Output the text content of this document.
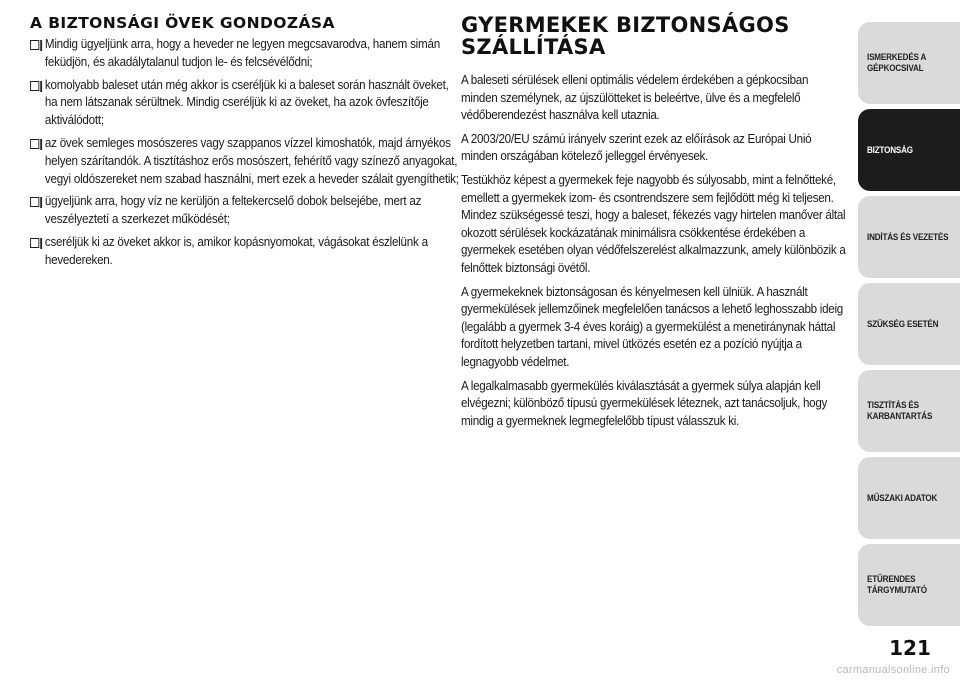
A BIZTONSÁGI ÖVEK GONDOZÁSA
Mindig ügyeljünk arra, hogy a heveder ne legyen megcsavarodva, hanem simán feküdjön, és akadálytalanul tudjon le- és felcsévélődni;
komolyabb baleset után még akkor is cseréljük ki a baleset során használt öveket, ha nem látszanak sérültnek. Mindig cseréljük ki az öveket, ha azok övfeszítője aktiválódott;
az övek semleges mosószeres vagy szappanos vízzel kimoshatók, majd árnyékos helyen szárítandók. A tisztításhoz erős mosószert, fehérítő vagy színező anyagokat, vegyi oldószereket nem szabad használni, mert ezek a heveder szálait gyengíthetik;
ügyeljünk arra, hogy víz ne kerüljön a feltekercselő dobok belsejébe, mert az veszélyeztetí a szerkezet működését;
cseréljük ki az öveket akkor is, amikor kopásnyomokat, vágásokat észlelünk a hevedereken.
GYERMEKEK BIZTONSÁGOS
SZÁLLÍTÁSA

A baleseti sérülések elleni optimális védelem érdekében a gépkocsiban minden személynek, az újszülötteket is beleértve, ülve és a megfelelő védőberendezést használva kell utaznia.

A 2003/20/EU számú irányelv szerint ezek az előírások az Európai Unió minden országában kötelező jelleggel érvényesek.

Testükhöz képest a gyermekek feje nagyobb és súlyosabb, mint a felnőtteké, emellett a gyermekek izom- és csontrendszere sem fejlődött még ki teljesen. Mindez szükségessé teszi, hogy a baleset, fékezés vagy hirtelen manőver által okozott sérülések kockázatának minimálisra csökkentése érdekében a gyermekek esetében olyan védőfelszerelést alkalmazzunk, amely különbözik a felnőttek biztonsági övétől.

A gyermekeknek biztonságosan és kényelmesen kell ülniük. A használt gyermekülések jellemzőinek megfelelően tanácsos a lehető leghosszabb ideig (legalább a gyermek 3-4 éves koráig) a gyermekülést a menetiránynak háttal fordított helyzetben tartani, mivel ütközés esetén ez a pozíció nyújtja a legnagyobb védelmet.

A legalkalmasabb gyermekülés kiválasztását a gyermek súlya alapján kell elvégezni; különböző típusú gyermekülések léteznek, azt tanácsoljuk, hogy mindig a gyermeknek legmegfelelőbb típust válasszuk ki.

ISMERKEDÉS A
GÉPKOCSIVAL
BIZTONSÁG
INDÍTÁS ÉS VEZETÉS
SZÜKSÉG ESETÉN
TISZTÍTÁS ÉS
KARBANTARTÁS
MŰSZAKI ADATOK
ETŰRENDES
TÁRGYMUTATÓ
121
carmanualsonline.info
